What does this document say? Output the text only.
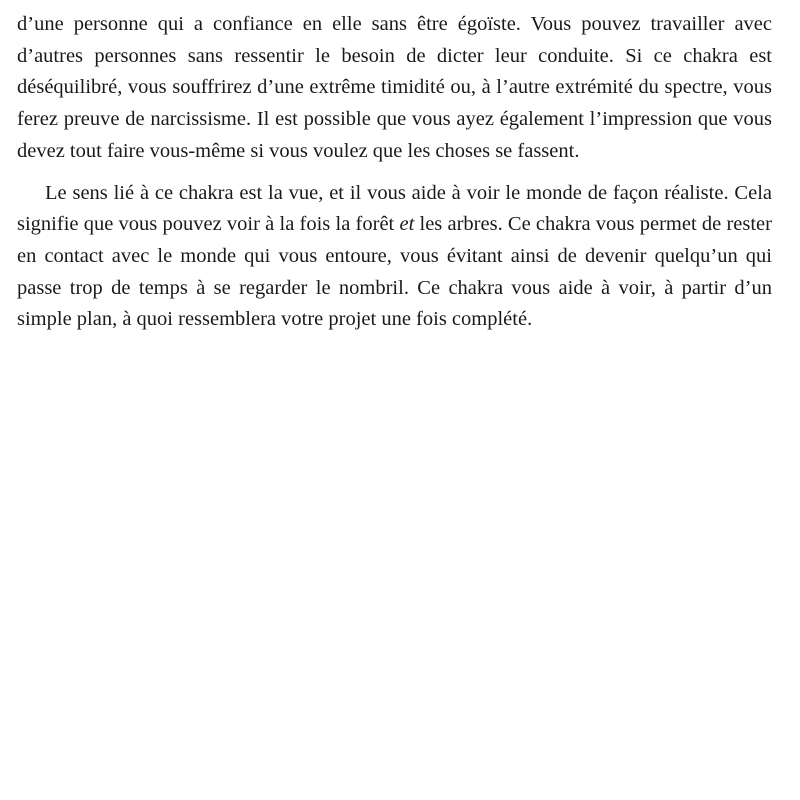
d’une personne qui a confiance en elle sans être égoïste. Vous pouvez travailler avec d’autres personnes sans ressentir le besoin de dicter leur conduite. Si ce chakra est déséquilibré, vous souffrirez d’une extrême timidité ou, à l’autre extrémité du spectre, vous ferez preuve de narcissisme. Il est possible que vous ayez également l’impression que vous devez tout faire vous-même si vous voulez que les choses se fassent.

Le sens lié à ce chakra est la vue, et il vous aide à voir le monde de façon réaliste. Cela signifie que vous pouvez voir à la fois la forêt et les arbres. Ce chakra vous permet de rester en contact avec le monde qui vous entoure, vous évitant ainsi de devenir quelqu’un qui passe trop de temps à se regarder le nombril. Ce chakra vous aide à voir, à partir d’un simple plan, à quoi ressemblera votre projet une fois complété.
